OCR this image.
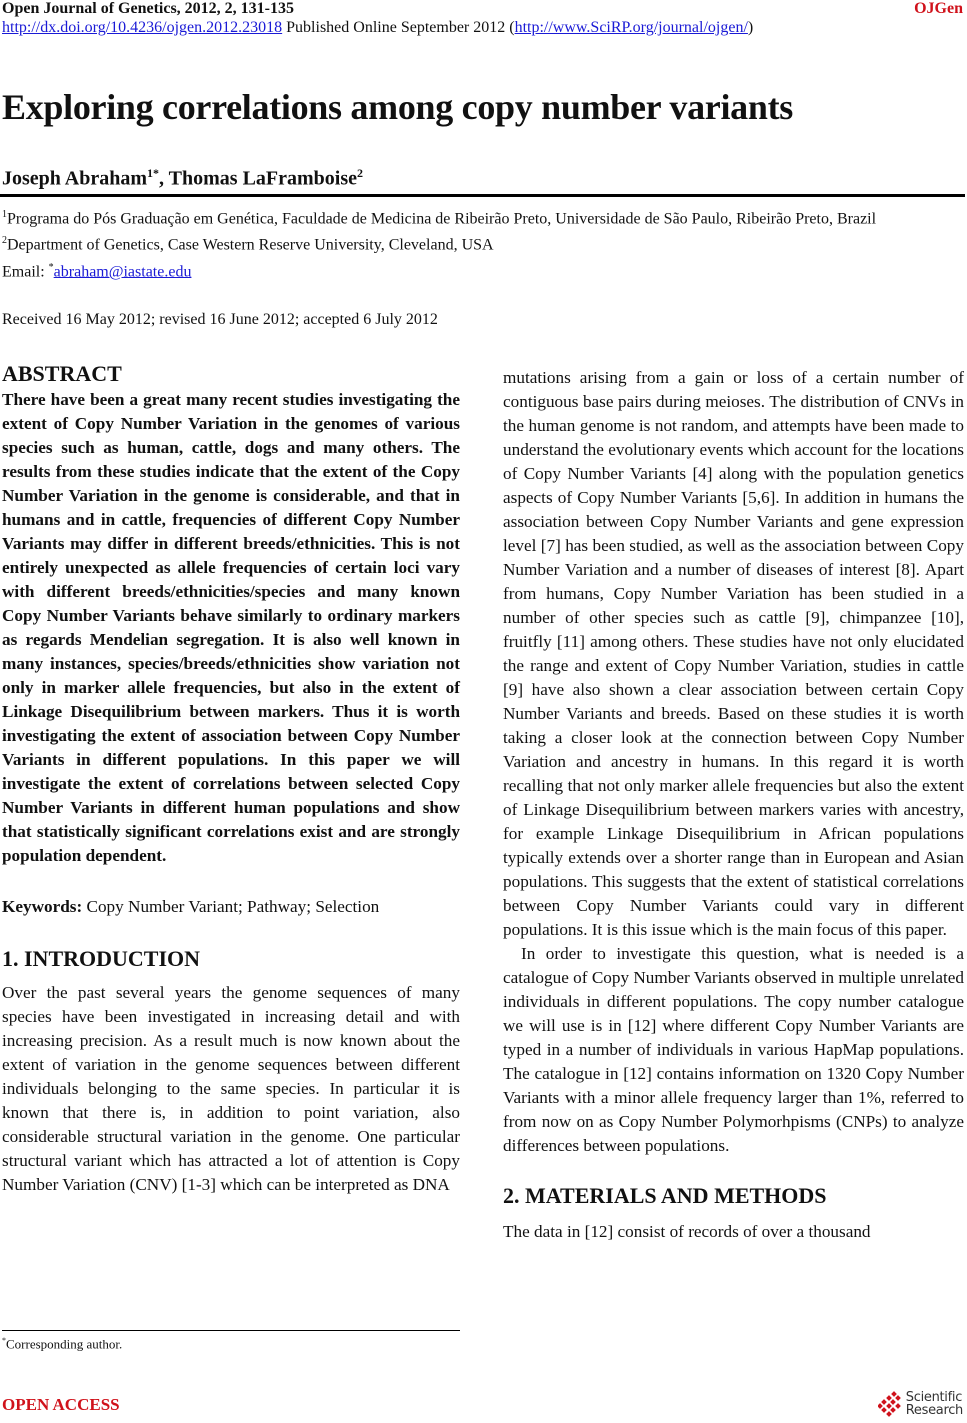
Open Journal of Genetics, 2012, 2, 131-135	OJGen
http://dx.doi.org/10.4236/ojgen.2012.23018 Published Online September 2012 (http://www.SciRP.org/journal/ojgen/)
Exploring correlations among copy number variants
Joseph Abraham$^{1*}$, Thomas LaFramboise$^2$
$^1$Programa do Pós Graduação em Genética, Faculdade de Medicina de Ribeirão Preto, Universidade de São Paulo, Ribeirão Preto, Brazil
$^2$Department of Genetics, Case Western Reserve University, Cleveland, USA
Email: *abraham@iastate.edu
Received 16 May 2012; revised 16 June 2012; accepted 6 July 2012

ABSTRACT

There have been a great many recent studies investigating the extent of Copy Number Variation in the genomes of various species such as human, cattle, dogs and many others. The results from these studies indicate that the extent of the Copy Number Variation in the genome is considerable, and that in humans and in cattle, frequencies of different Copy Number Variants may differ in different breeds/ethnicities. This is not entirely unexpected as allele frequencies of certain loci vary with different breeds/ethnicities/species and many known Copy Number Variants behave similarly to ordinary markers as regards Mendelian segregation. It is also well known in many instances, species/breeds/ethnicities show variation not only in marker allele frequencies, but also in the extent of Linkage Disequilibrium between markers. Thus it is worth investigating the extent of association between Copy Number Variants in different populations. In this paper we will investigate the extent of correlations between selected Copy Number Variants in different human populations and show that statistically significant correlations exist and are strongly population dependent.

Keywords: Copy Number Variant; Pathway; Selection

1. INTRODUCTION

Over the past several years the genome sequences of many species have been investigated in increasing detail and with increasing precision. As a result much is now known about the extent of variation in the genome sequences between different individuals belonging to the same species. In particular it is known that there is, in addition to point variation, also considerable structural variation in the genome. One particular structural variant which has attracted a lot of attention is Copy Number Variation (CNV) [1-3] which can be interpreted as DNA

mutations arising from a gain or loss of a certain number of contiguous base pairs during meioses. The distribution of CNVs in the human genome is not random, and attempts have been made to understand the evolutionary events which account for the locations of Copy Number Variants [4] along with the population genetics aspects of Copy Number Variants [5,6]. In addition in humans the association between Copy Number Variants and gene expression level [7] has been studied, as well as the association between Copy Number Variation and a number of diseases of interest [8]. Apart from humans, Copy Number Variation has been studied in a number of other species such as cattle [9], chimpanzee [10], fruitfly [11] among others. These studies have not only elucidated the range and extent of Copy Number Variation, studies in cattle [9] have also shown a clear association between certain Copy Number Variants and breeds. Based on these studies it is worth taking a closer look at the connection between Copy Number Variation and ancestry in humans. In this regard it is worth recalling that not only marker allele frequencies but also the extent of Linkage Disequilibrium between markers varies with ancestry, for example Linkage Disequilibrium in African populations typically extends over a shorter range than in European and Asian populations. This suggests that the extent of statistical correlations between Copy Number Variants could vary in different populations. It is this issue which is the main focus of this paper.

In order to investigate this question, what is needed is a catalogue of Copy Number Variants observed in multiple unrelated individuals in different populations. The copy number catalogue we will use is in [12] where different Copy Number Variants are typed in a number of individuals in various HapMap populations. The catalogue in [12] contains information on 1320 Copy Number Variants with a minor allele frequency larger than 1%, referred to from now on as Copy Number Polymorhpisms (CNPs) to analyze differences between populations.

2. MATERIALS AND METHODS

The data in [12] consist of records of over a thousand

*Corresponding author.
OPEN ACCESS	Scientific
Research
